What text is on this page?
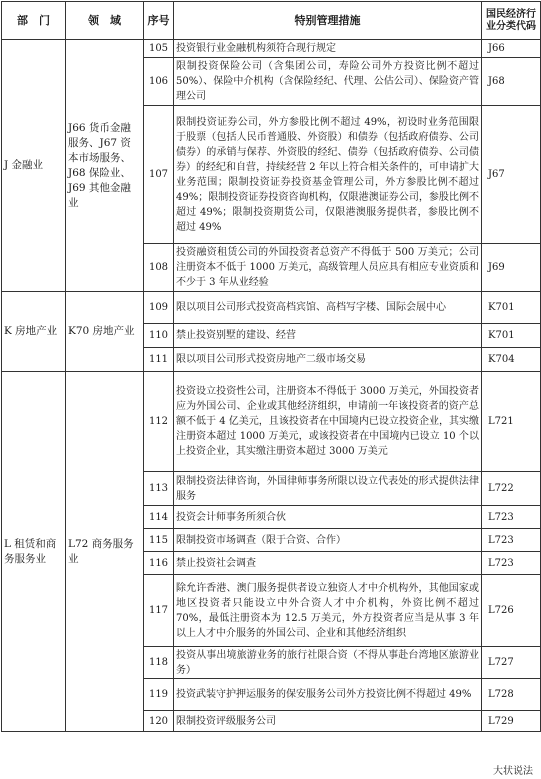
部　门	领　域	序号	特别管理措施	国民经济行业分类代码
J 金融业	J66 货币金融服务、J67 资本市场服务、J68 保险业、J69 其他金融业	105	投资银行业金融机构须符合现行规定	J66
		106	限制投资保险公司（含集团公司，寿险公司外方投资比例不超过 50%）、保险中介机构（含保险经纪、代理、公估公司）、保险资产管理公司	J68
		107	限制投资证券公司，外方参股比例不超过 49%，初设时业务范围限于股票（包括人民币普通股、外资股）和债券（包括政府债券、公司债券）的承销与保荐、外资股的经纪、债券（包括政府债券、公司债券）的经纪和自营，持续经营 2 年以上符合相关条件的，可申请扩大业务范围；限制投资证券投资基金管理公司，外方参股比例不超过 49%；限制投资证券投资咨询机构，仅限港澳证券公司，参股比例不超过 49%；限制投资期货公司，仅限港澳服务提供者，参股比例不超过 49%	J67
		108	投资融资租赁公司的外国投资者总资产不得低于 500 万美元；公司注册资本不低于 1000 万美元，高级管理人员应具有相应专业资质和不少于 3 年从业经验	J69
K 房地产业	K70 房地产业	109	限以项目公司形式投资高档宾馆、高档写字楼、国际会展中心	K701
		110	禁止投资别墅的建设、经营	K701
		111	限以项目公司形式投资房地产二级市场交易	K704
L 租赁和商务服务业	L72 商务服务业	112	投资设立投资性公司，注册资本不得低于 3000 万美元，外国投资者应为外国公司、企业或其他经济组织，申请前一年该投资者的资产总额不低于 4 亿美元，且该投资者在中国境内已设立投资企业，其实缴注册资本超过 1000 万美元，或该投资者在中国境内已设立 10 个以上投资企业，其实缴注册资本超过 3000 万美元	L721
		113	限制投资法律咨询，外国律师事务所限以设立代表处的形式提供法律服务	L722
		114	投资会计师事务所须合伙	L723
		115	限制投资市场调查（限于合资、合作）	L723
		116	禁止投资社会调查	L723
		117	除允许香港、澳门服务提供者设立独资人才中介机构外，其他国家或地区投资者只能设立中外合资人才中介机构，外资比例不超过 70%，最低注册资本为 12.5 万美元，外方投资者应当是从事 3 年以上人才中介服务的外国公司、企业和其他经济组织	L726
		118	投资从事出境旅游业务的旅行社限合资（不得从事赴台湾地区旅游业务）	L727
		119	投资武装守护押运服务的保安服务公司外方投资比例不得超过 49%	L728
		120	限制投资评级服务公司	L729
大状说法
